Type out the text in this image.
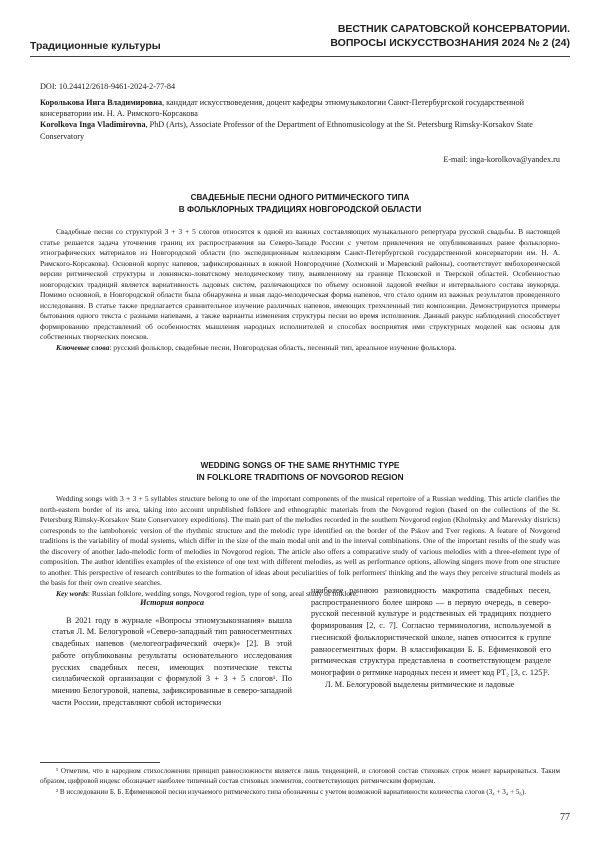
Традиционные культуры
ВЕСТНИК САРАТОВСКОЙ КОНСЕРВАТОРИИ.
ВОПРОСЫ ИСКУССТВОЗНАНИЯ 2024 № 2 (24)
DOI: 10.24412/2618-9461-2024-2-77-84
Королькова Инга Владимировна, кандидат искусствоведения, доцент кафедры этномузыкологии Санкт-Петербургской государственной консерватории им. Н. А. Римского-Корсакова
Korolkova Inga Vladimirovna, PhD (Arts), Associate Professor of the Department of Ethnomusicology at the St. Petersburg Rimsky-Korsakov State Conservatory
E-mail: inga-korolkova@yandex.ru
СВАДЕБНЫЕ ПЕСНИ ОДНОГО РИТМИЧЕСКОГО ТИПА
В ФОЛЬКЛОРНЫХ ТРАДИЦИЯХ НОВГОРОДСКОЙ ОБЛАСТИ

Свадебные песни со структурой 3 + 3 + 5 слогов относятся к одной из важных составляющих музыкального репертуара русской свадьбы. В настоящей статье решается задача уточнения границ их распространения на Северо-Западе России с учетом привлечения не опубликованных ранее фольклорно-этнографических материалов из Новгородской области (по экспедиционным коллекциям Санкт-Петербургской государственной консерватории им. Н. А. Римского-Корсакова). Основной корпус напевов, зафиксированных в южной Новгородчине (Холмский и Маревский районы), соответствует ямбохореической версии ритмической структуры и локнянско-ловатскому мелодическому типу, выявленному на границе Псковской и Тверской областей. Особенностью новгородских традиций является вариативность ладовых систем, различающихся по объему основной ладовой ячейки и интервального состава звукоряда. Помимо основной, в Новгородской области была обнаружена и иная ладо-мелодическая форма напевов, что стало одним из важных результатов проведенного исследования. В статье также предлагается сравнительное изучение различных напевов, имеющих трехчленный тип композиции. Демонстрируются примеры бытования одного текста с разными напевами, а также варианты изменения структуры песни во время исполнения. Данный ракурс наблюдений способствует формированию представлений об особенностях мышления народных исполнителей и способах восприятия ими структурных моделей как основы для собственных творческих поисков.

Ключевые слова: русский фольклор, свадебные песни, Новгородская область, песенный тип, ареальное изучение фольклора.

WEDDING SONGS OF THE SAME RHYTHMIC TYPE
IN FOLKLORE TRADITIONS OF NOVGOROD REGION

Wedding songs with 3 + 3 + 5 syllables structure belong to one of the important components of the musical repertoire of a Russian wedding. This article clarifies the north-eastern border of its area, taking into account unpublished folklore and ethnographic materials from the Novgorod region (based on the collections of the St. Petersburg Rimsky-Korsakov State Conservatory expeditions). The main part of the melodies recorded in the southern Novgorod region (Kholmsky and Marevsky districts) corresponds to the iambohoreic version of the rhythmic structure and the melodic type identified on the border of the Pskov and Tver regions. A feature of Novgorod traditions is the variability of modal systems, which differ in the size of the main modal unit and in the interval combinations. One of the important results of the study was the discovery of another lado-melodic form of melodies in Novgorod region. The article also offers a comparative study of various melodies with a three-element type of composition. The author identifies examples of the existence of one text with different melodies, as well as performance options, allowing singers move from one structure to another. This perspective of research contributes to the formation of ideas about peculiarities of folk performers' thinking and the ways they perceive structural models as the basis for their own creative searches.

Key words: Russian folklore, wedding songs, Novgorod region, type of song, areal study of folklore.

История вопроса

В 2021 году в журнале «Вопросы этномузыкознания» вышла статья Л. М. Белогуровой «Северо-западный тип равносегментных свадебных напевов (мелогеографический очерк)» [2]. В этой работе опубликованы результаты основательного исследования русских свадебных песен, имеющих поэтические тексты силлабической организации с формулой 3 + 3 + 5 слогов¹. По мнению Белогуровой, напевы, зафиксированные в северо-западной части России, представляют собой исторически

наиболее раннюю разновидность макротипа свадебных песен, распространенного более широко — в первую очередь, в северо-русской песенной культуре и родственных ей традициях позднего формирования [2, с. 7]. Согласно терминологии, используемой в гнесинской фольклористической школе, напев относится к группе равносегментных форм. В классификации Б. Б. Ефименковой его ритмическая структура представлена в соответствующем разделе монографии о ритмике народных песен и имеет код РТ₂ [3, с. 125]².

Л. М. Белогуровой выделены ритмические и ладовые

¹ Отметим, что в народном стихосложении принцип равносложности является лишь тенденцией, и слоговой состав стиховых строк может варьироваться. Таким образом, цифровой индекс обозначает наиболее типичный состав стиховых элементов, соответствующих ритмическим формулам.

² В исследовании Б. Б. Ефименковой песни изучаемого ритмического типа обозначены с учетом возможной вариативности количества слогов (3₄ + 3₄ + 5₆).

77
